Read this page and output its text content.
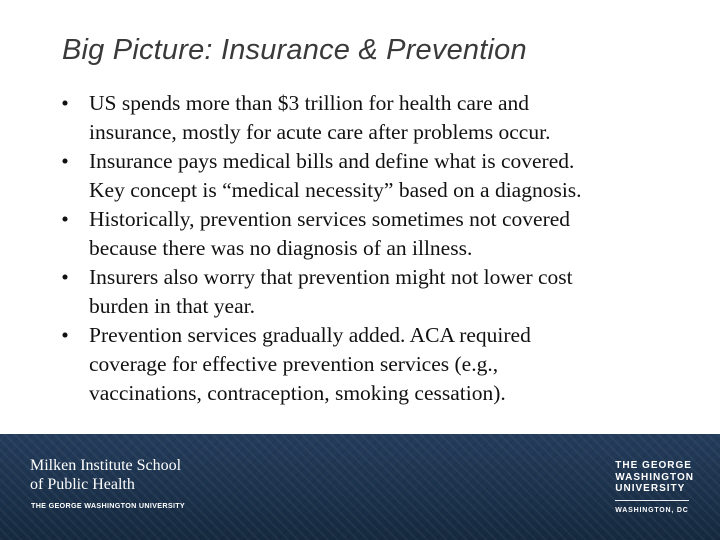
Big Picture: Insurance & Prevention
• US spends more than $3 trillion for health care and
insurance, mostly for acute care after problems occur.
• Insurance pays medical bills and define what is covered.
Key concept is “medical necessity” based on a diagnosis.
• Historically, prevention services sometimes not covered
because there was no diagnosis of an illness.
• Insurers also worry that prevention might not lower cost
burden in that year.
• Prevention services gradually added. ACA required
coverage for effective prevention services (e.g.,
vaccinations, contraception, smoking cessation).
Milken Institute School
of Public Health
THE GEORGE WASHINGTON UNIVERSITY
THE GEORGE
WASHINGTON
UNIVERSITY
WASHINGTON, DC
